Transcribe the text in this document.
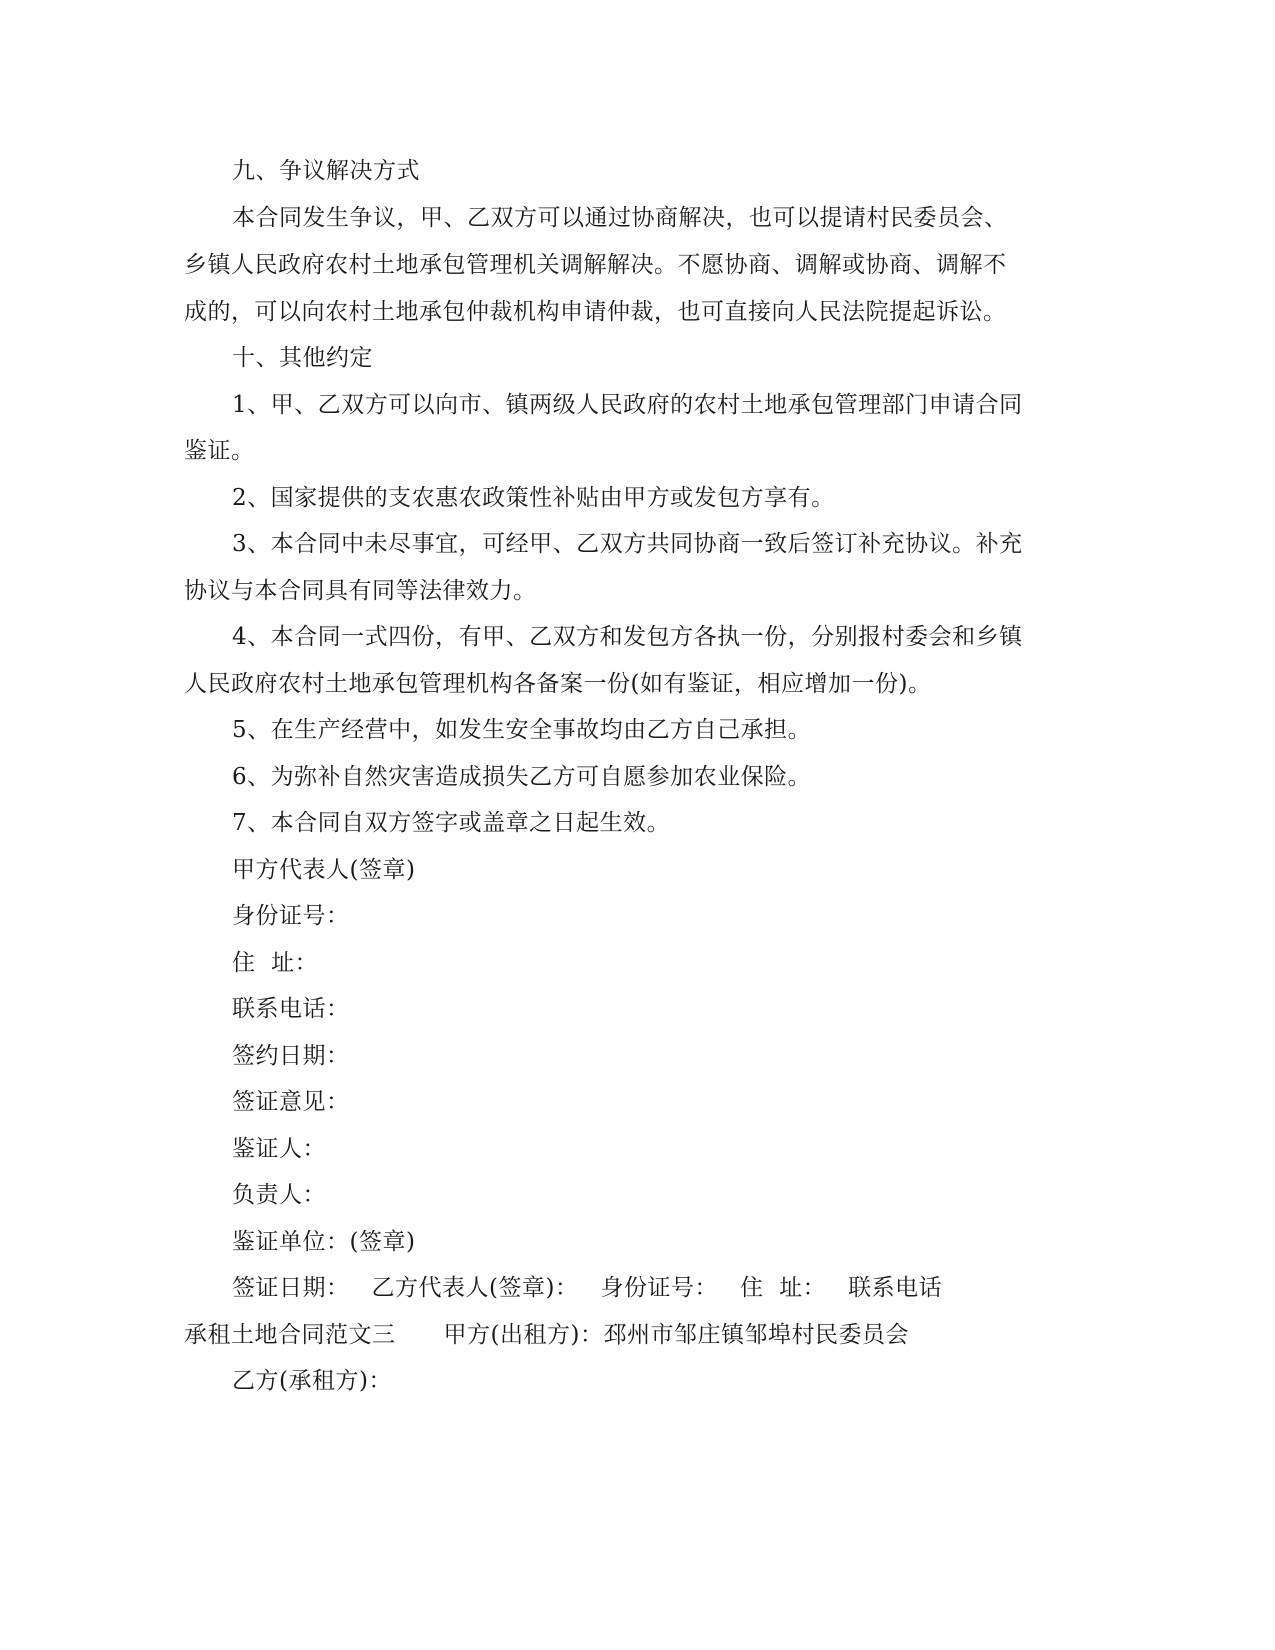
九、争议解决方式
本合同发生争议，甲、乙双方可以通过协商解决，也可以提请村民委员会、
乡镇人民政府农村土地承包管理机关调解解决。不愿协商、调解或协商、调解不
成的，可以向农村土地承包仲裁机构申请仲裁，也可直接向人民法院提起诉讼。
十、其他约定
1、甲、乙双方可以向市、镇两级人民政府的农村土地承包管理部门申请合同
鉴证。
2、国家提供的支农惠农政策性补贴由甲方或发包方享有。
3、本合同中未尽事宜，可经甲、乙双方共同协商一致后签订补充协议。补充
协议与本合同具有同等法律效力。
4、本合同一式四份，有甲、乙双方和发包方各执一份，分别报村委会和乡镇
人民政府农村土地承包管理机构各备案一份(如有鉴证，相应增加一份)。
5、在生产经营中，如发生安全事故均由乙方自己承担。
6、为弥补自然灾害造成损失乙方可自愿参加农业保险。
7、本合同自双方签字或盖章之日起生效。
甲方代表人(签章)
身份证号：
住  址：
联系电话：
签约日期：
签证意见：
鉴证人：
负责人：
鉴证单位：(签章)
签证日期： 乙方代表人(签章)： 身份证号： 住  址： 联系电话
承租土地合同范文三 甲方(出租方)：邳州市邹庄镇邹埠村民委员会
乙方(承租方)：
